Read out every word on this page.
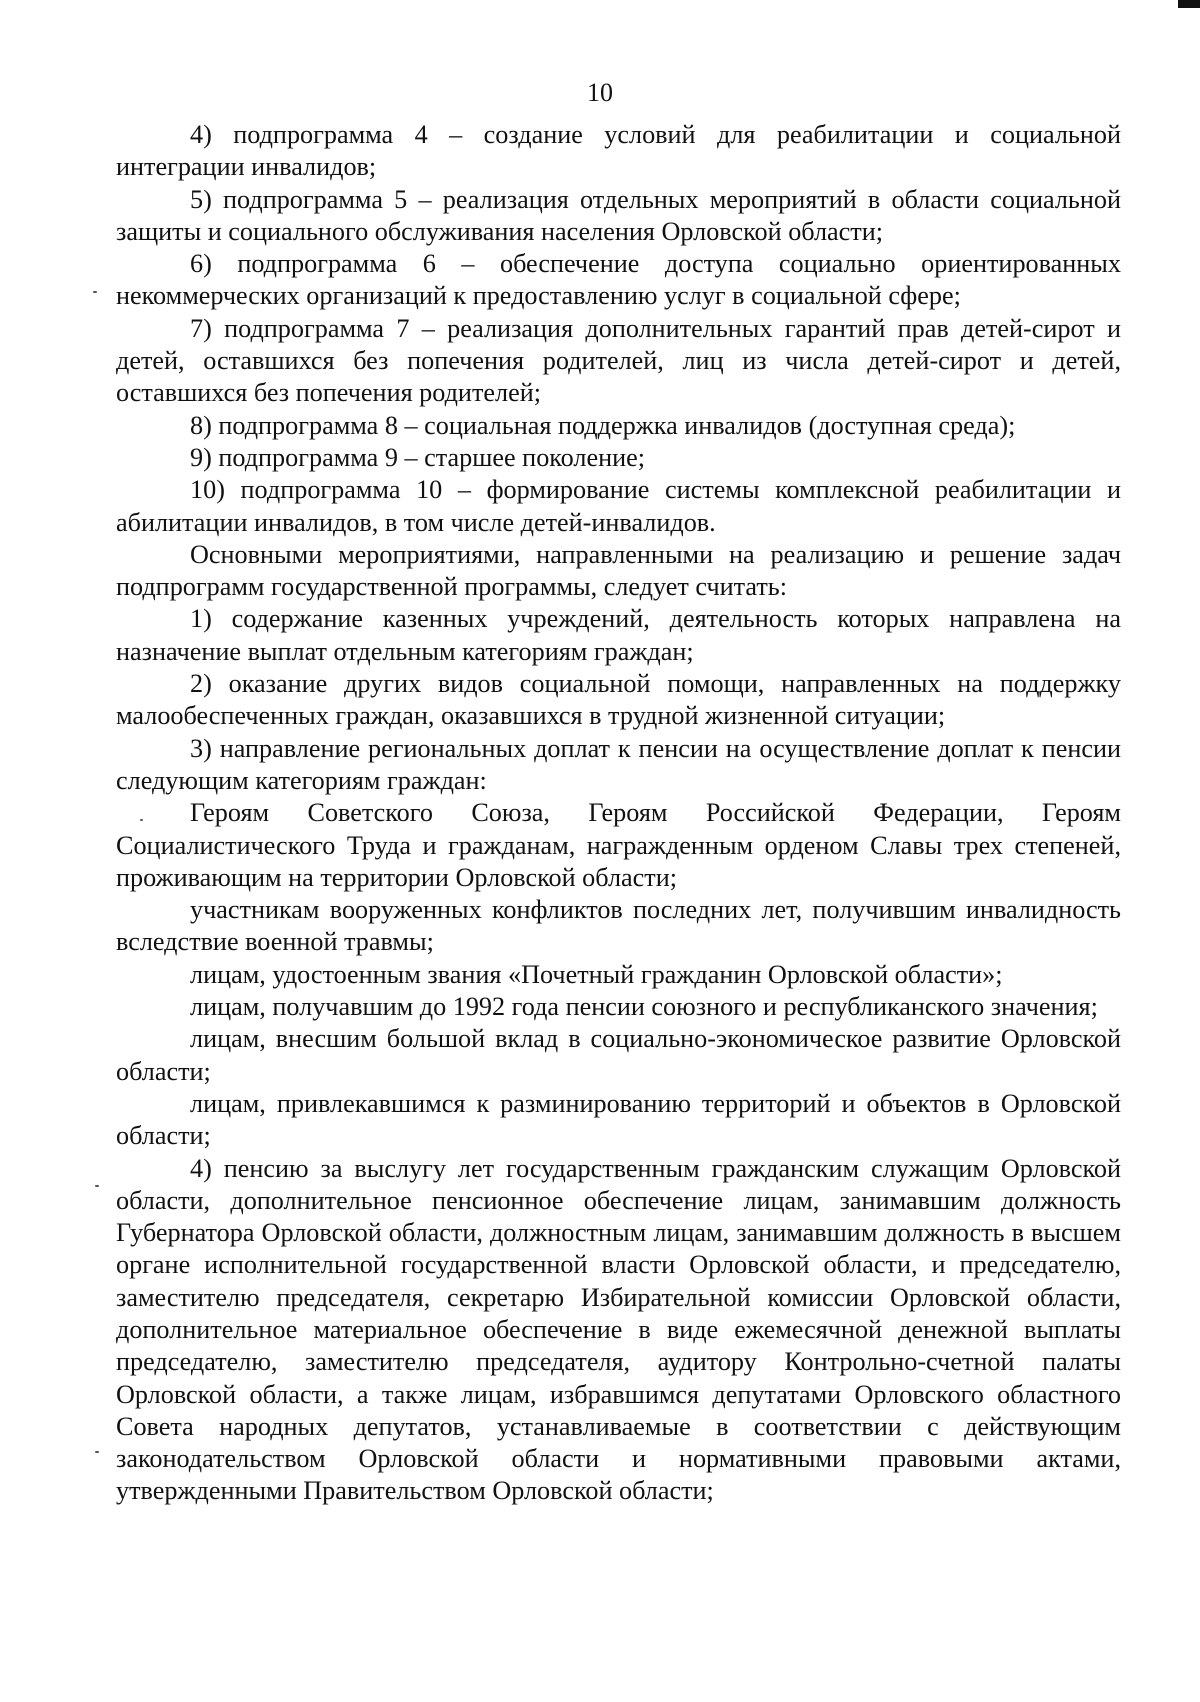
10

4) подпрограмма 4 – создание условий для реабилитации и социальной интеграции инвалидов;

5) подпрограмма 5 – реализация отдельных мероприятий в области социальной защиты и социального обслуживания населения Орловской области;

6) подпрограмма 6 – обеспечение доступа социально ориентированных некоммерческих организаций к предоставлению услуг в социальной сфере;

7) подпрограмма 7 – реализация дополнительных гарантий прав детей-сирот и детей, оставшихся без попечения родителей, лиц из числа детей-сирот и детей, оставшихся без попечения родителей;

8) подпрограмма 8 – социальная поддержка инвалидов (доступная среда);

9) подпрограмма 9 – старшее поколение;

10) подпрограмма 10 – формирование системы комплексной реабилитации и абилитации инвалидов, в том числе детей-инвалидов.

Основными мероприятиями, направленными на реализацию и решение задач подпрограмм государственной программы, следует считать:

1) содержание казенных учреждений, деятельность которых направлена на назначение выплат отдельным категориям граждан;

2) оказание других видов социальной помощи, направленных на поддержку малообеспеченных граждан, оказавшихся в трудной жизненной ситуации;

3) направление региональных доплат к пенсии на осуществление доплат к пенсии следующим категориям граждан:

Героям Советского Союза, Героям Российской Федерации, Героям Социалистического Труда и гражданам, награжденным орденом Славы трех степеней, проживающим на территории Орловской области;

участникам вооруженных конфликтов последних лет, получившим инвалидность вследствие военной травмы;

лицам, удостоенным звания «Почетный гражданин Орловской области»;

лицам, получавшим до 1992 года пенсии союзного и республиканского значения;

лицам, внесшим большой вклад в социально-экономическое развитие Орловской области;

лицам, привлекавшимся к разминированию территорий и объектов в Орловской области;

4) пенсию за выслугу лет государственным гражданским служащим Орловской области, дополнительное пенсионное обеспечение лицам, занимавшим должность Губернатора Орловской области, должностным лицам, занимавшим должность в высшем органе исполнительной государственной власти Орловской области, и председателю, заместителю председателя, секретарю Избирательной комиссии Орловской области, дополнительное материальное обеспечение в виде ежемесячной денежной выплаты председателю, заместителю председателя, аудитору Контрольно-счетной палаты Орловской области, а также лицам, избравшимся депутатами Орловского областного Совета народных депутатов, устанавливаемые в соответствии с действующим законодательством Орловской области и нормативными правовыми актами, утвержденными Правительством Орловской области;
